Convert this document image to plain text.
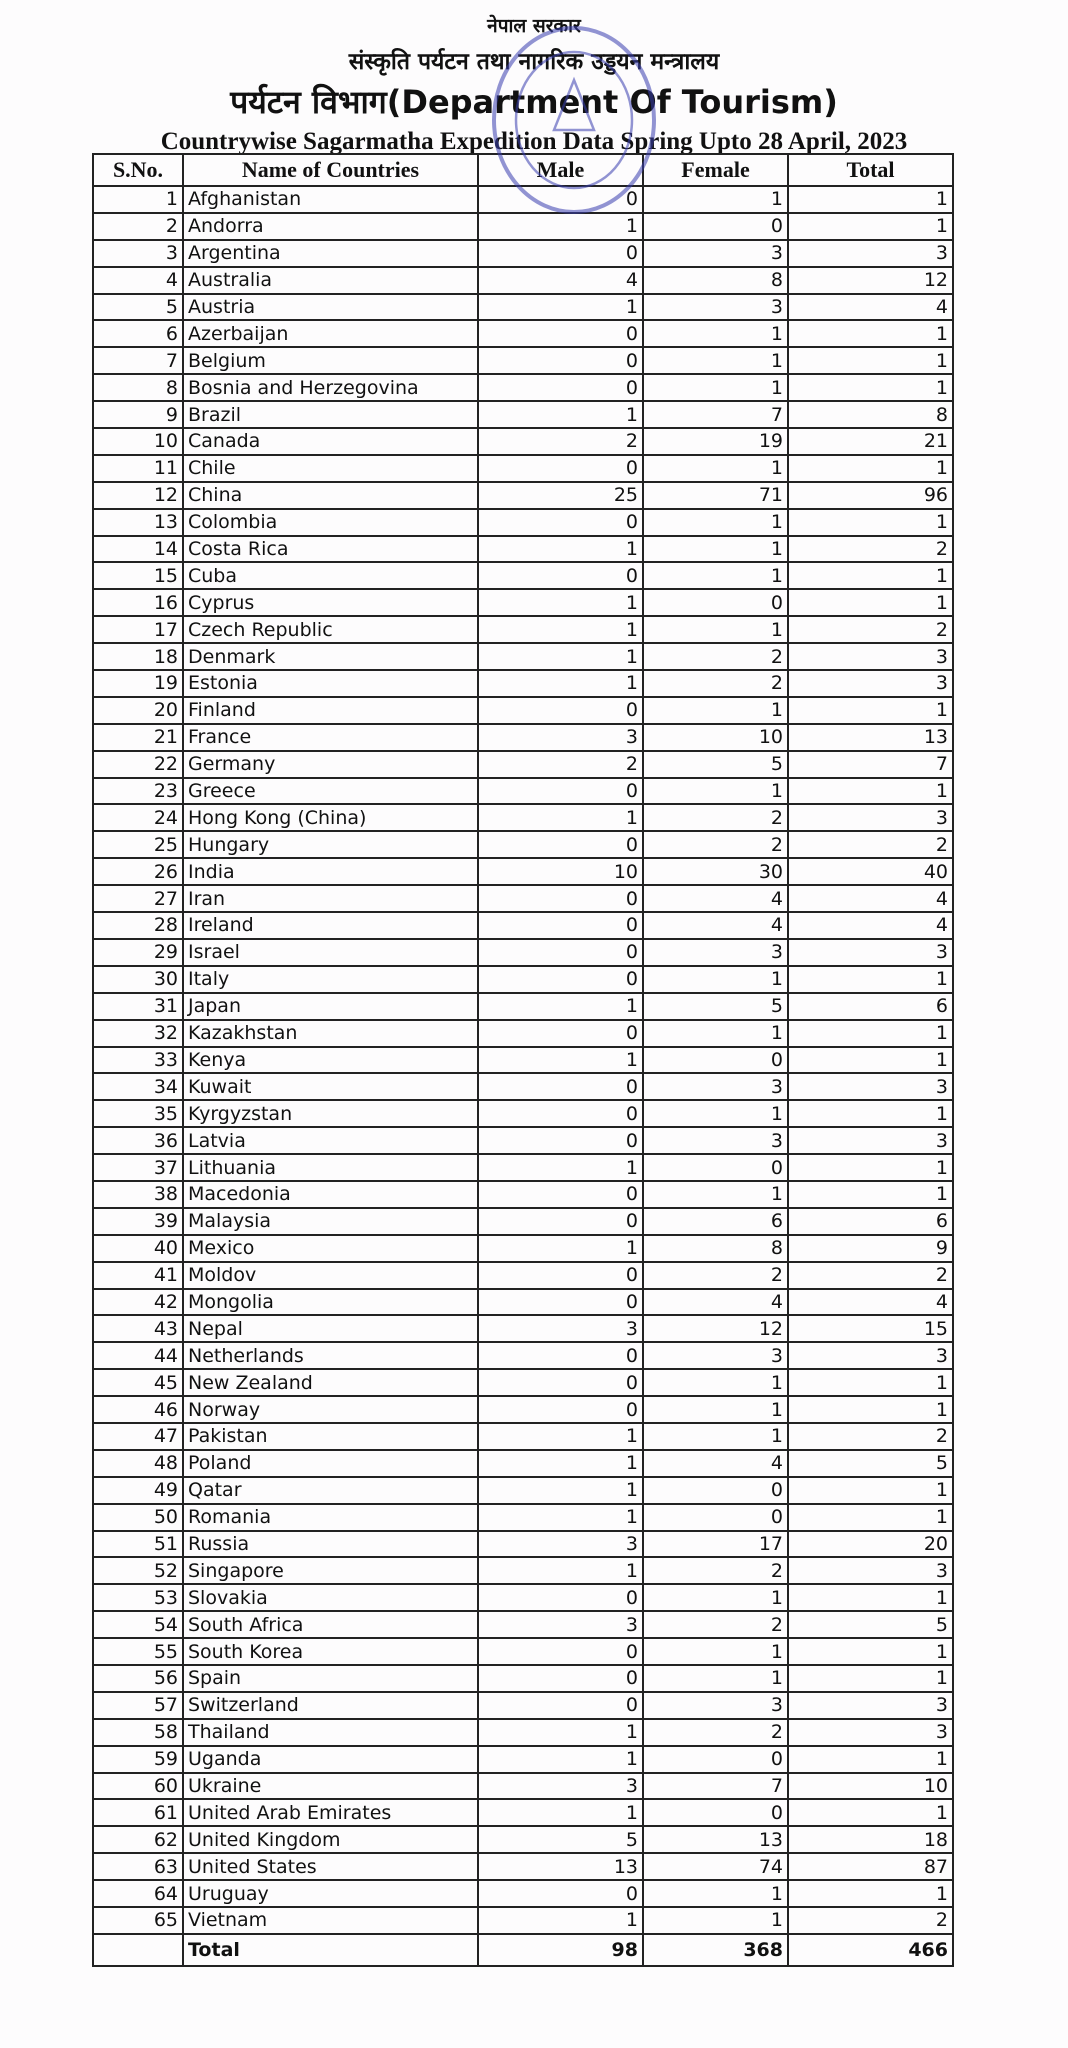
नेपाल सरकार
संस्कृति पर्यटन तथा नागरिक उड्डयन मन्त्रालय
पर्यटन विभाग(Department Of Tourism)
Countrywise Sagarmatha Expedition Data Spring Upto 28 April, 2023
S.No.	Name of Countries	Male	Female	Total
1	Afghanistan	0	1	1
2	Andorra	1	0	1
3	Argentina	0	3	3
4	Australia	4	8	12
5	Austria	1	3	4
6	Azerbaijan	0	1	1
7	Belgium	0	1	1
8	Bosnia and Herzegovina	0	1	1
9	Brazil	1	7	8
10	Canada	2	19	21
11	Chile	0	1	1
12	China	25	71	96
13	Colombia	0	1	1
14	Costa Rica	1	1	2
15	Cuba	0	1	1
16	Cyprus	1	0	1
17	Czech Republic	1	1	2
18	Denmark	1	2	3
19	Estonia	1	2	3
20	Finland	0	1	1
21	France	3	10	13
22	Germany	2	5	7
23	Greece	0	1	1
24	Hong Kong (China)	1	2	3
25	Hungary	0	2	2
26	India	10	30	40
27	Iran	0	4	4
28	Ireland	0	4	4
29	Israel	0	3	3
30	Italy	0	1	1
31	Japan	1	5	6
32	Kazakhstan	0	1	1
33	Kenya	1	0	1
34	Kuwait	0	3	3
35	Kyrgyzstan	0	1	1
36	Latvia	0	3	3
37	Lithuania	1	0	1
38	Macedonia	0	1	1
39	Malaysia	0	6	6
40	Mexico	1	8	9
41	Moldov	0	2	2
42	Mongolia	0	4	4
43	Nepal	3	12	15
44	Netherlands	0	3	3
45	New Zealand	0	1	1
46	Norway	0	1	1
47	Pakistan	1	1	2
48	Poland	1	4	5
49	Qatar	1	0	1
50	Romania	1	0	1
51	Russia	3	17	20
52	Singapore	1	2	3
53	Slovakia	0	1	1
54	South Africa	3	2	5
55	South Korea	0	1	1
56	Spain	0	1	1
57	Switzerland	0	3	3
58	Thailand	1	2	3
59	Uganda	1	0	1
60	Ukraine	3	7	10
61	United Arab Emirates	1	0	1
62	United Kingdom	5	13	18
63	United States	13	74	87
64	Uruguay	0	1	1
65	Vietnam	1	1	2
	Total	98	368	466
